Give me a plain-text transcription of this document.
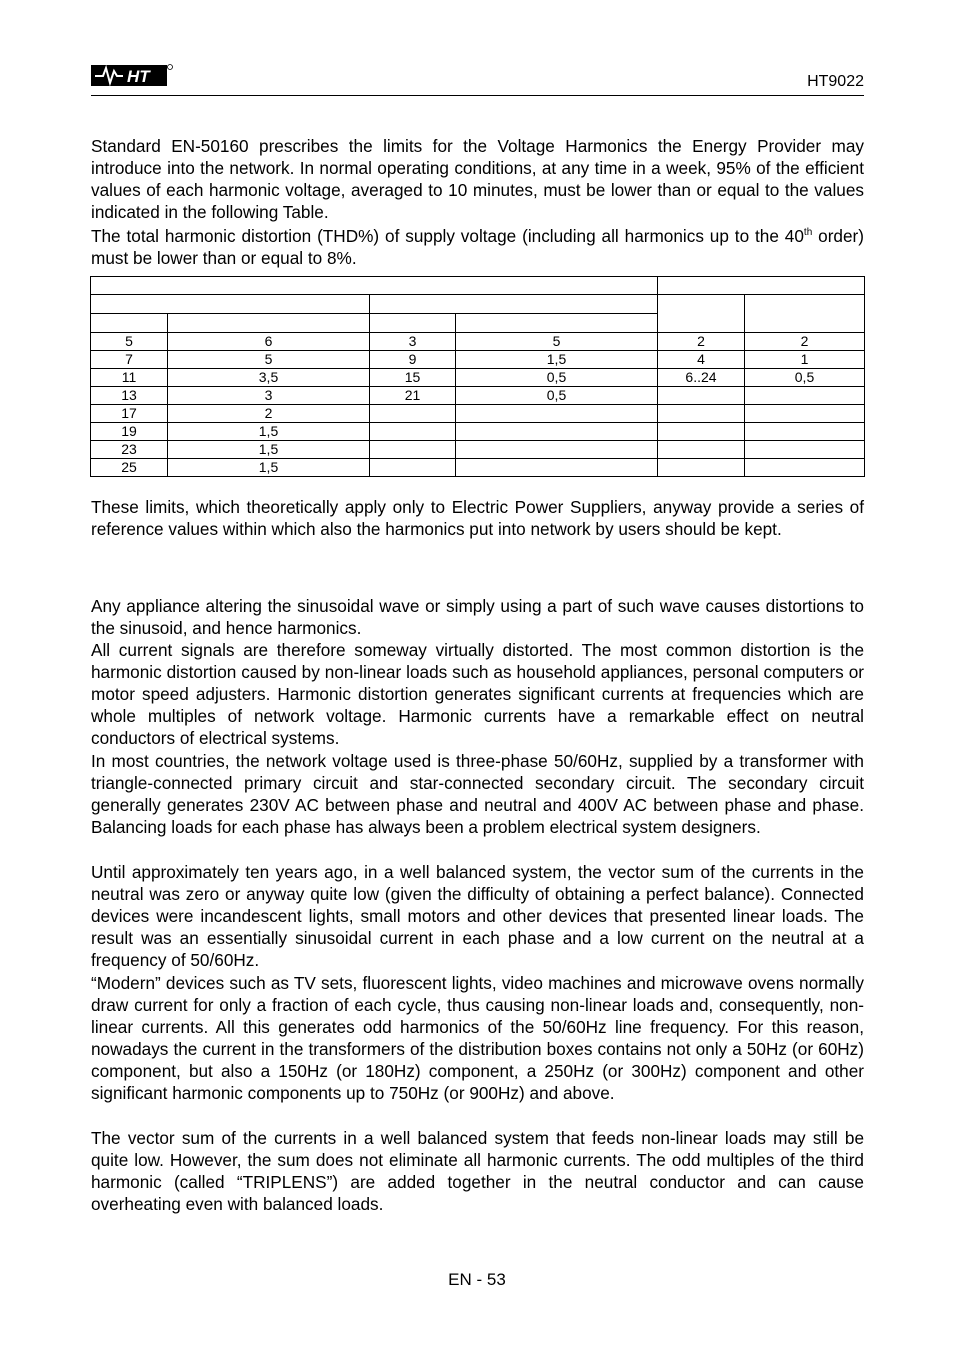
HT	HT9022

Standard EN-50160 prescribes the limits for the Voltage Harmonics the Energy Provider may introduce into the network. In normal operating conditions, at any time in a week, 95% of the efficient values of each harmonic voltage, averaged to 10 minutes, must be lower than or equal to the values indicated in the following Table.

The total harmonic distortion (THD%) of supply voltage (including all harmonics up to the 40th order) must be lower than or equal to 8%.

5	6	3	5	2	2
7	5	9	1,5	4	1
11	3,5	15	0,5	6..24	0,5
13	3	21	0,5		
17	2				
19	1,5				
23	1,5				
25	1,5				

These limits, which theoretically apply only to Electric Power Suppliers, anyway provide a series of reference values within which also the harmonics put into network by users should be kept.

Any appliance altering the sinusoidal wave or simply using a part of such wave causes distortions to the sinusoid, and hence harmonics.

All current signals are therefore someway virtually distorted. The most common distortion is the harmonic distortion caused by non-linear loads such as household appliances, personal computers or motor speed adjusters. Harmonic distortion generates significant currents at frequencies which are whole multiples of network voltage. Harmonic currents have a remarkable effect on neutral conductors of electrical systems.

In most countries, the network voltage used is three-phase 50/60Hz, supplied by a transformer with triangle-connected primary circuit and star-connected secondary circuit. The secondary circuit generally generates 230V AC between phase and neutral and 400V AC between phase and phase. Balancing loads for each phase has always been a problem electrical system designers.

Until approximately ten years ago, in a well balanced system, the vector sum of the currents in the neutral was zero or anyway quite low (given the difficulty of obtaining a perfect balance). Connected devices were incandescent lights, small motors and other devices that presented linear loads. The result was an essentially sinusoidal current in each phase and a low current on the neutral at a frequency of 50/60Hz.

“Modern” devices such as TV sets, fluorescent lights, video machines and microwave ovens normally draw current for only a fraction of each cycle, thus causing non-linear loads and, consequently, non-linear currents. All this generates odd harmonics of the 50/60Hz line frequency. For this reason, nowadays the current in the transformers of the distribution boxes contains not only a 50Hz (or 60Hz) component, but also a 150Hz (or 180Hz) component, a 250Hz (or 300Hz) component and other significant harmonic components up to 750Hz (or 900Hz) and above.

The vector sum of the currents in a well balanced system that feeds non-linear loads may still be quite low. However, the sum does not eliminate all harmonic currents. The odd multiples of the third harmonic (called “TRIPLENS”) are added together in the neutral conductor and can cause overheating even with balanced loads.

EN - 53
